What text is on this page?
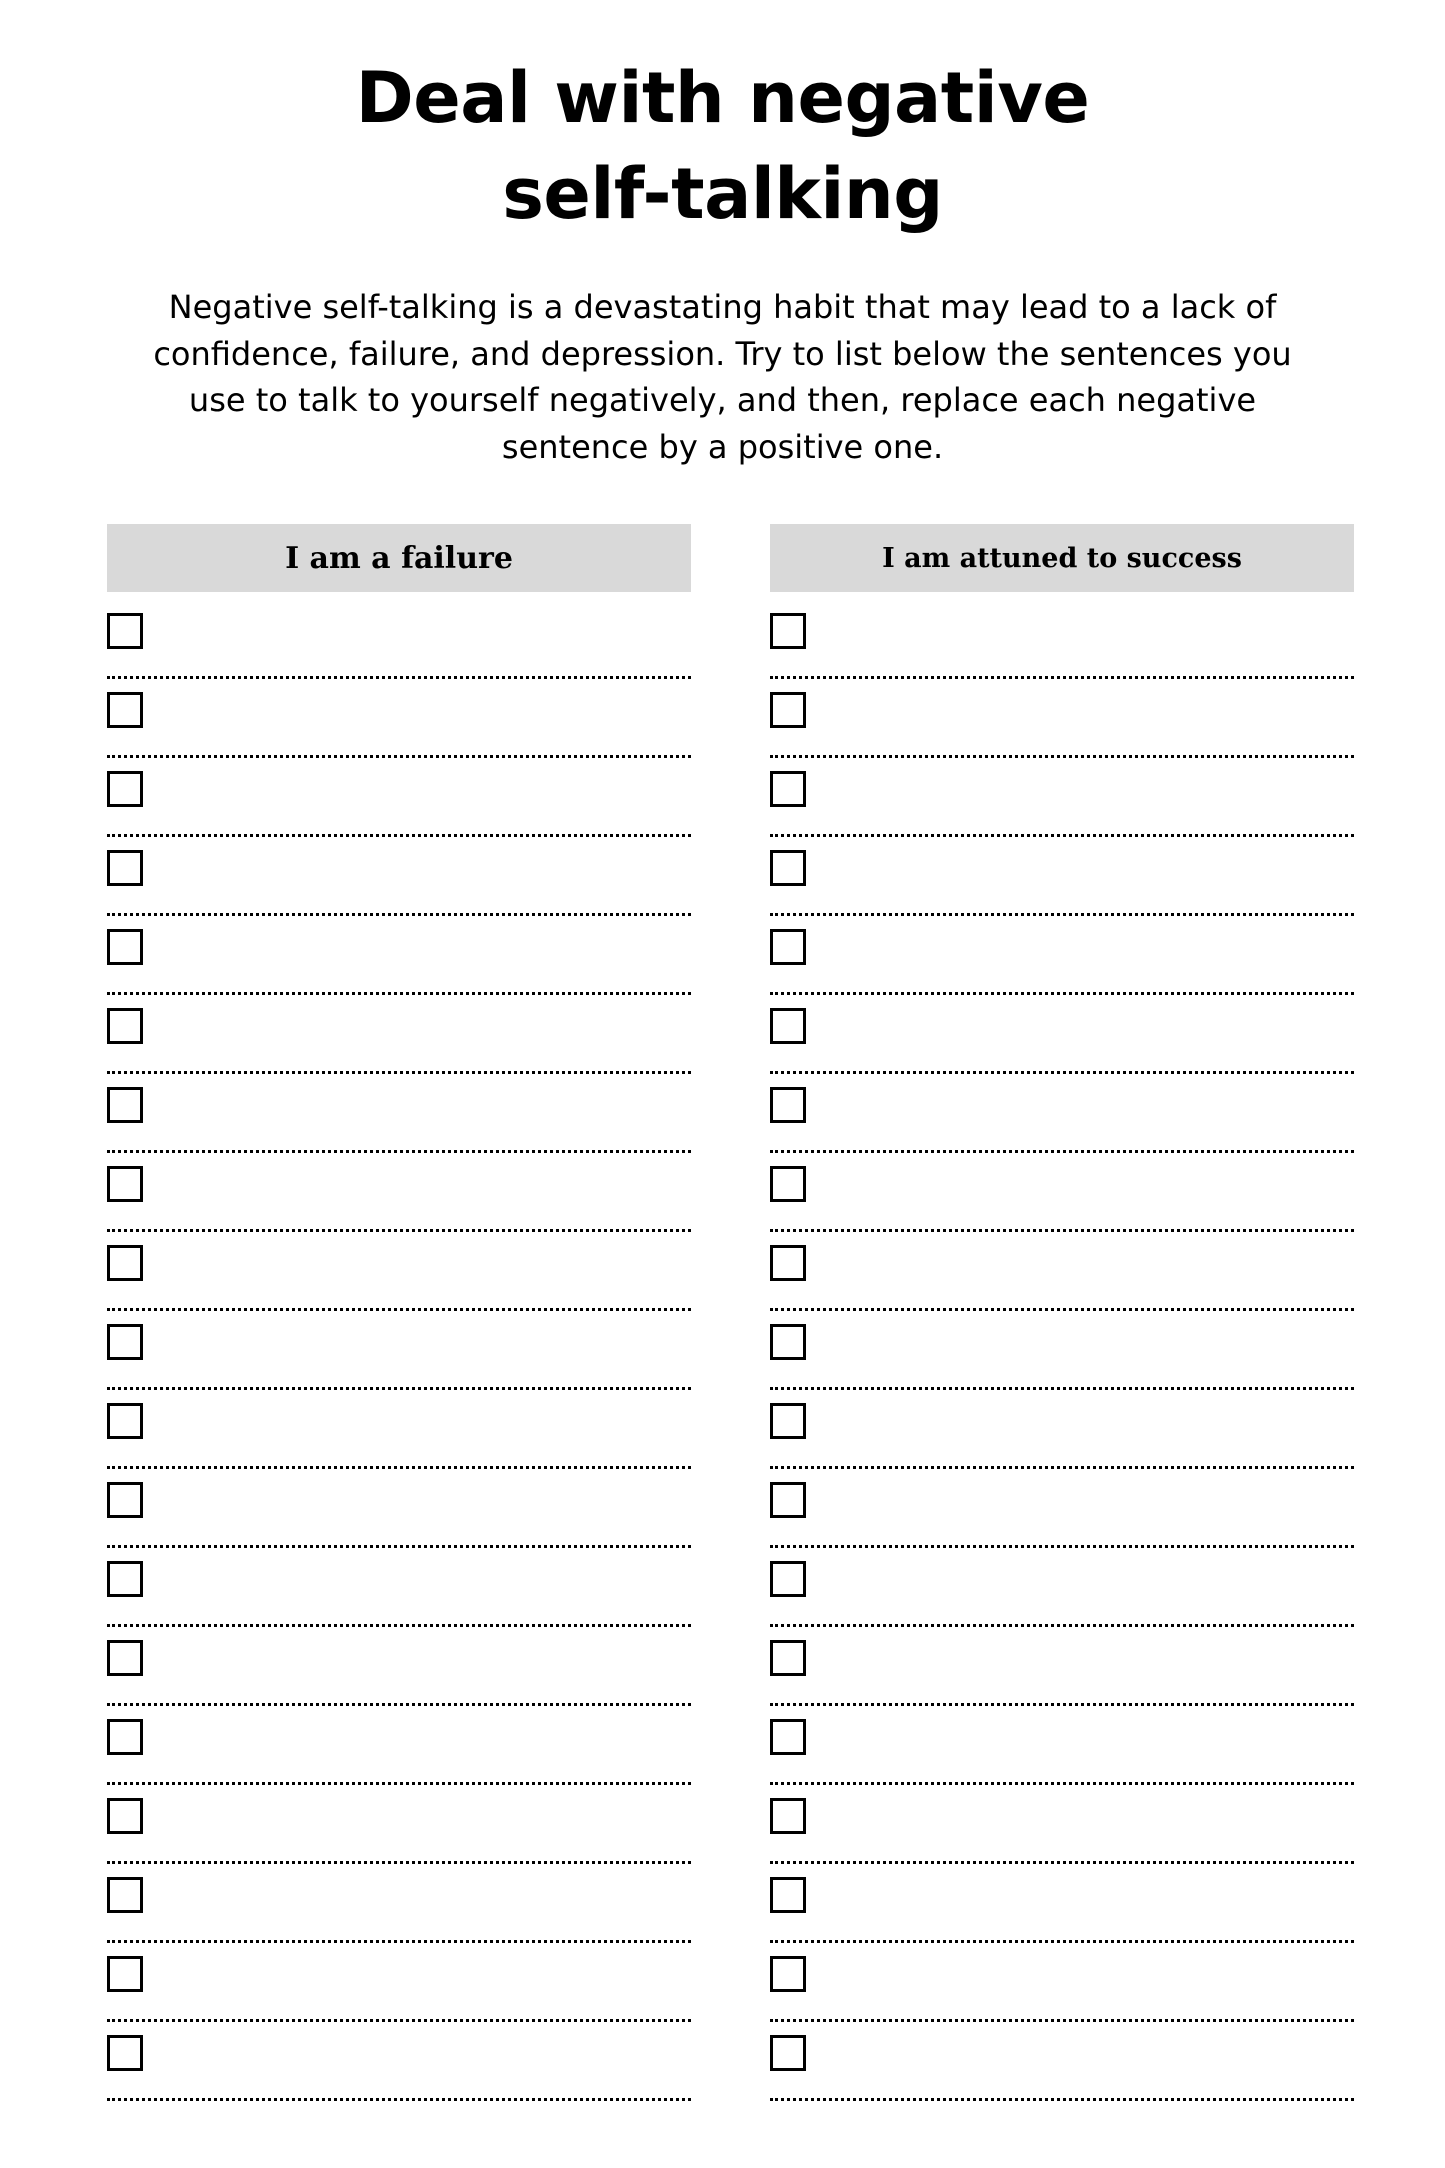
Deal with negative
self-talking

Negative self-talking is a devastating habit that may lead to a lack of confidence, failure, and depression. Try to list below the sentences you use to talk to yourself negatively, and then, replace each negative sentence by a positive one.

I am a failure	I am attuned to success
